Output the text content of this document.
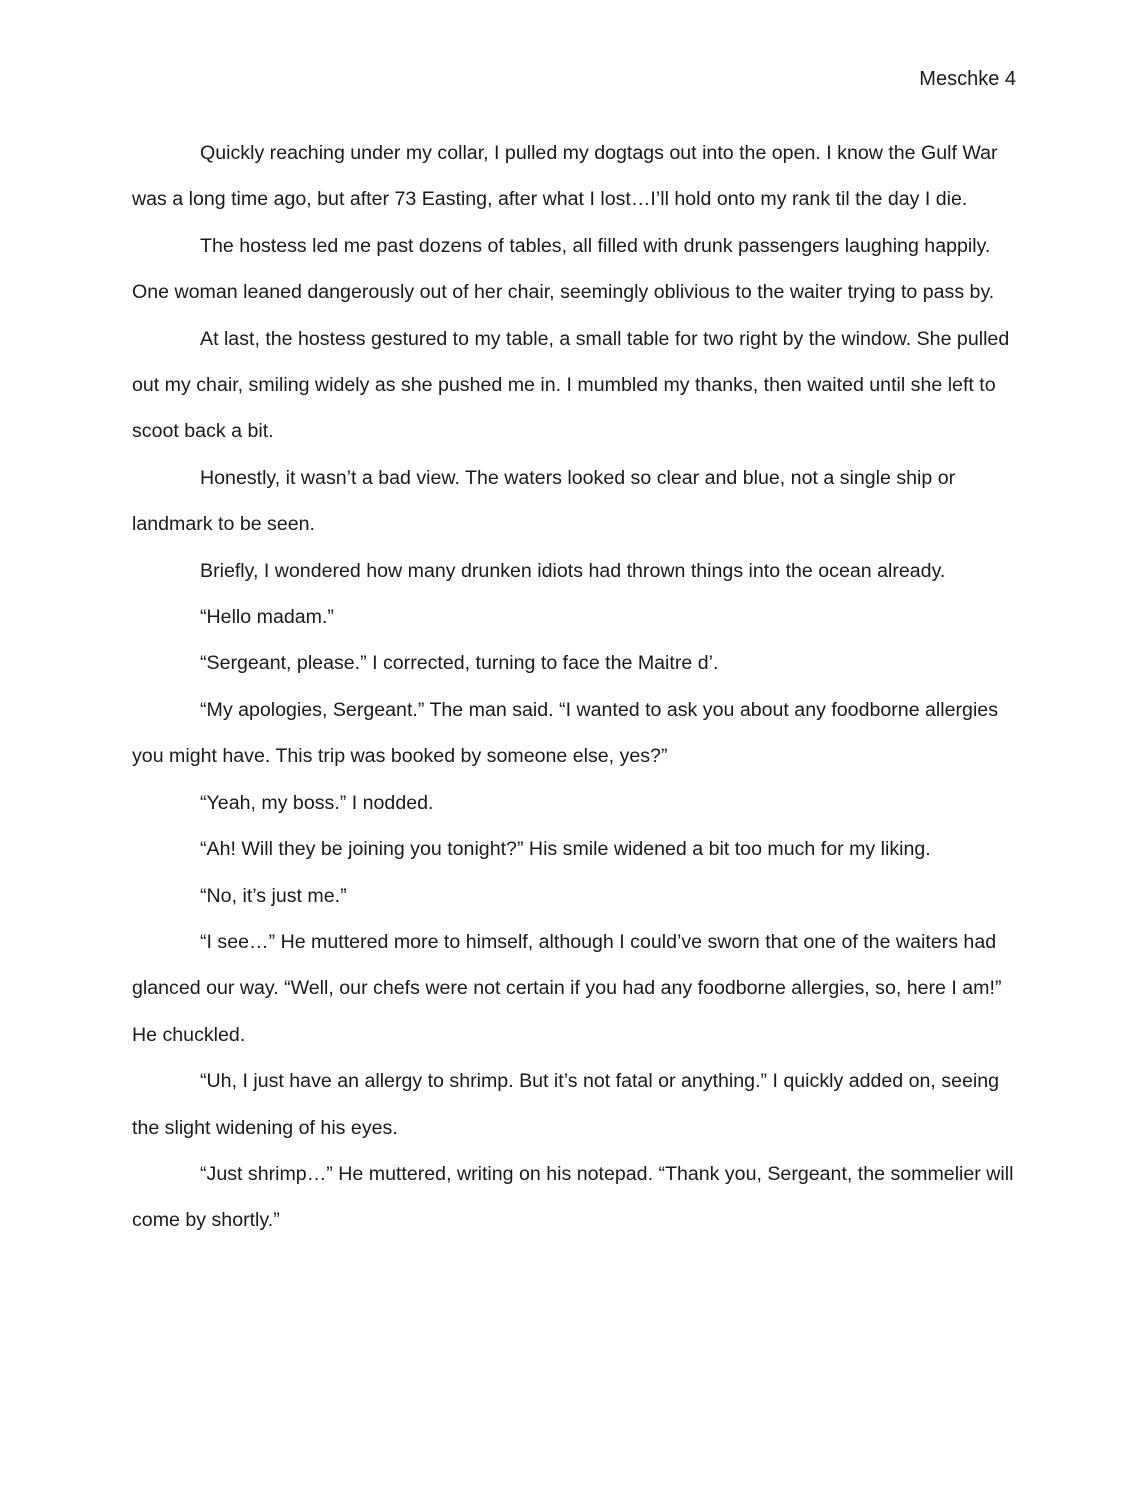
Meschke 4

Quickly reaching under my collar, I pulled my dogtags out into the open. I know the Gulf War was a long time ago, but after 73 Easting, after what I lost…I’ll hold onto my rank til the day I die.

The hostess led me past dozens of tables, all filled with drunk passengers laughing happily. One woman leaned dangerously out of her chair, seemingly oblivious to the waiter trying to pass by.

At last, the hostess gestured to my table, a small table for two right by the window. She pulled out my chair, smiling widely as she pushed me in. I mumbled my thanks, then waited until she left to scoot back a bit.

Honestly, it wasn’t a bad view. The waters looked so clear and blue, not a single ship or landmark to be seen.

Briefly, I wondered how many drunken idiots had thrown things into the ocean already.

“Hello madam.”

“Sergeant, please.” I corrected, turning to face the Maitre d’.

“My apologies, Sergeant.” The man said. “I wanted to ask you about any foodborne allergies you might have. This trip was booked by someone else, yes?”

“Yeah, my boss.” I nodded.

“Ah! Will they be joining you tonight?” His smile widened a bit too much for my liking.

“No, it’s just me.”

“I see…” He muttered more to himself, although I could’ve sworn that one of the waiters had glanced our way. “Well, our chefs were not certain if you had any foodborne allergies, so, here I am!” He chuckled.

“Uh, I just have an allergy to shrimp. But it’s not fatal or anything.” I quickly added on, seeing the slight widening of his eyes.

“Just shrimp…” He muttered, writing on his notepad. “Thank you, Sergeant, the sommelier will come by shortly.”
